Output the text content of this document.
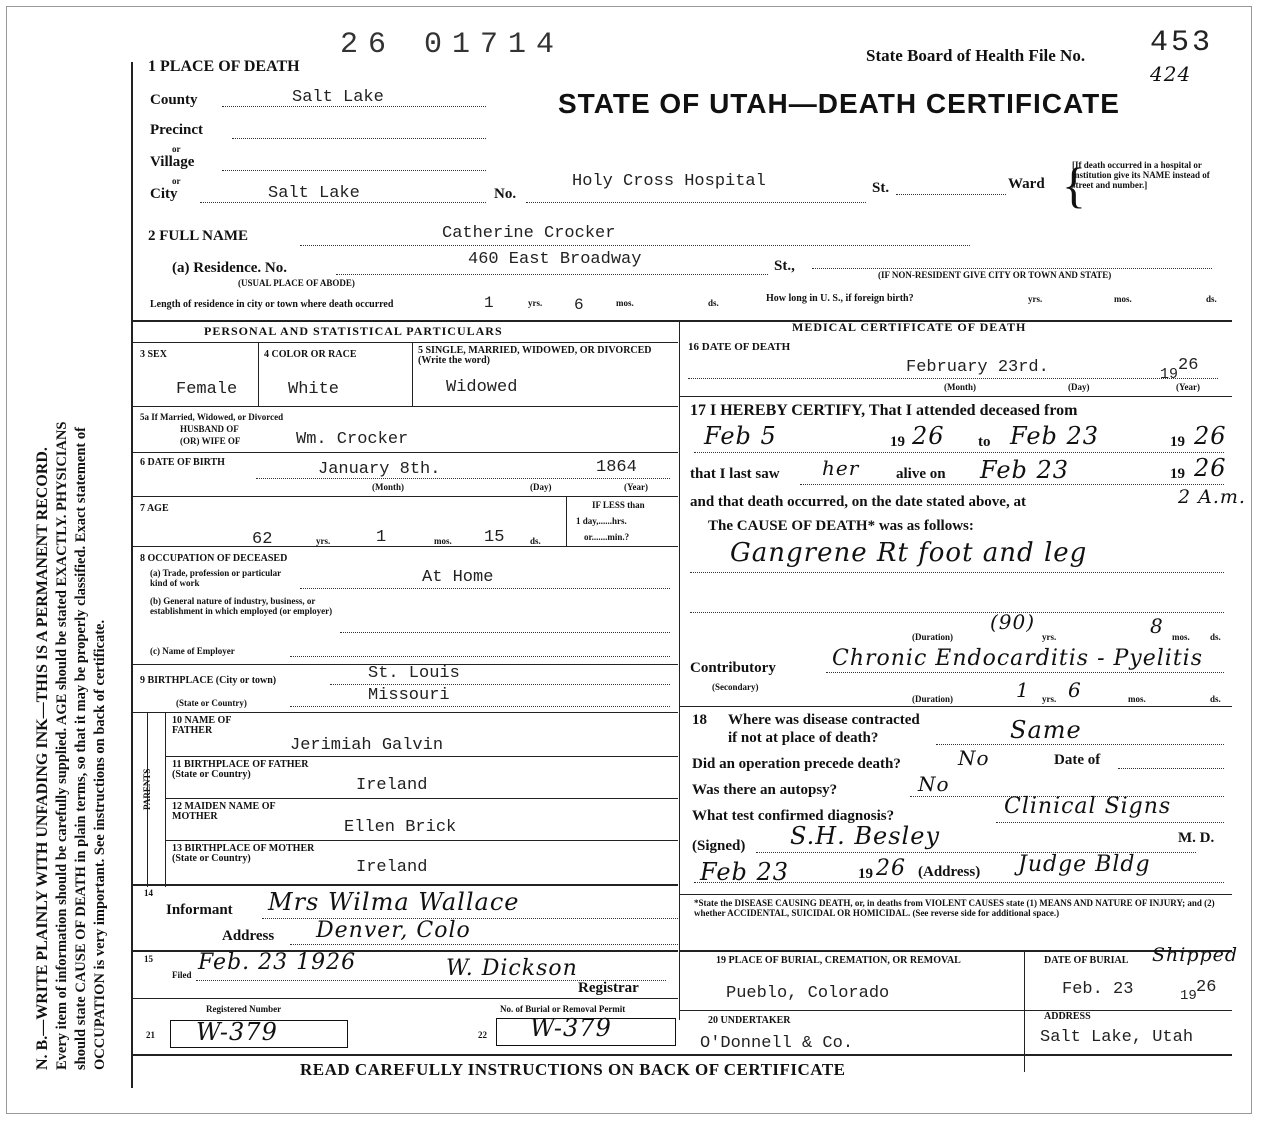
N. B.—WRITE PLAINLY WITH UNFADING INK—THIS IS A PERMANENT RECORD. Every item of information should be carefully supplied. AGE should be stated EXACTLY. PHYSICIANS should state CAUSE OF DEATH in plain terms, so that it may be properly classified. Exact statement of OCCUPATION is very important. See instructions on back of certificate.
26 01714	State Board of Health File No. 453
424
STATE OF UTAH—DEATH CERTIFICATE
1 PLACE OF DEATH
County	Salt Lake
Precinct
or
Village
or
City	Salt Lake	No.
Holy Cross Hospital	St.	Ward {
[If death occurred in a hospital or institution give its NAME instead of street and number.]
2 FULL NAME	Catherine Crocker
(a) Residence. No.
(USUAL PLACE OF ABODE)
460 East Broadway	St.,
(IF NON-RESIDENT GIVE CITY OR TOWN AND STATE)
Length of residence in city or town where death occurred	1	yrs. 6	mos.	ds.	How long in U. S., if foreign birth?	yrs.	mos.	ds.
PERSONAL AND STATISTICAL PARTICULARS	MEDICAL CERTIFICATE OF DEATH
3 SEX
Female
4 COLOR OR RACE
White
5 SINGLE, MARRIED, WIDOWED, OR DIVORCED (Write the word)
Widowed
5a If Married, Widowed, or Divorced
HUSBAND OF
(OR) WIFE OF	Wm. Crocker
6 DATE OF BIRTH	January 8th.	1864
(Month)	(Day)	(Year)
7 AGE
62	yrs.	1	mos. 15	ds.
IF LESS than
1 day,......hrs.
or.......min.?
8 OCCUPATION OF DECEASED
(a) Trade, profession or particular kind of work	At Home
(b) General nature of industry, business, or establishment in which employed (or employer)
(c) Name of Employer
9 BIRTHPLACE (City or town)	St. Louis
(State or Country)	Missouri
PARENTS
10 NAME OF FATHER
Jerimiah Galvin
11 BIRTHPLACE OF FATHER (State or Country)
Ireland
12 MAIDEN NAME OF MOTHER
Ellen Brick
13 BIRTHPLACE OF MOTHER (State or Country)	Ireland
14
Informant Mrs Wilma Wallace
Address Denver, Colo
15
Filed Feb. 23 1926	W. Dickson
Registrar
Registered Number	No. of Burial or Removal Permit
21 W-379	22 W-379
16 DATE OF DEATH
February 23rd.	19 26
(Month)	(Day)	(Year)
17 I HEREBY CERTIFY, That I attended deceased from
Feb 5	19 26 to Feb 23	19 26
that I last saw her alive on Feb 23	19 26
and that death occurred, on the date stated above, at	2 A.m.
The CAUSE OF DEATH* was as follows:
Gangrene Rt foot and leg
(Duration)
(90)
yrs.	8 mos. ds.
Contributory
(Secondary)
Chronic Endocarditis - Pyelitis
(Duration)	1 yrs. 6	mos.	ds.
18 Where was disease contracted
if not at place of death?	Same
Did an operation precede death?	No	Date of
Was there an autopsy?	No
What test confirmed diagnosis?	Clinical Signs
(Signed) S.H. Besley	M. D.
Feb 23	19 26 (Address) Judge Bldg
*State the DISEASE CAUSING DEATH, or, in deaths from VIOLENT CAUSES state (1) MEANS AND NATURE OF INJURY; and (2) whether ACCIDENTAL, SUICIDAL OR HOMICIDAL. (See reverse side for additional space.)
19 PLACE OF BURIAL, CREMATION, OR REMOVAL
Pueblo, Colorado
DATE OF BURIAL Shipped
Feb. 23	19 26
20 UNDERTAKER
O'Donnell & Co.
ADDRESS
Salt Lake, Utah
READ CAREFULLY INSTRUCTIONS ON BACK OF CERTIFICATE
